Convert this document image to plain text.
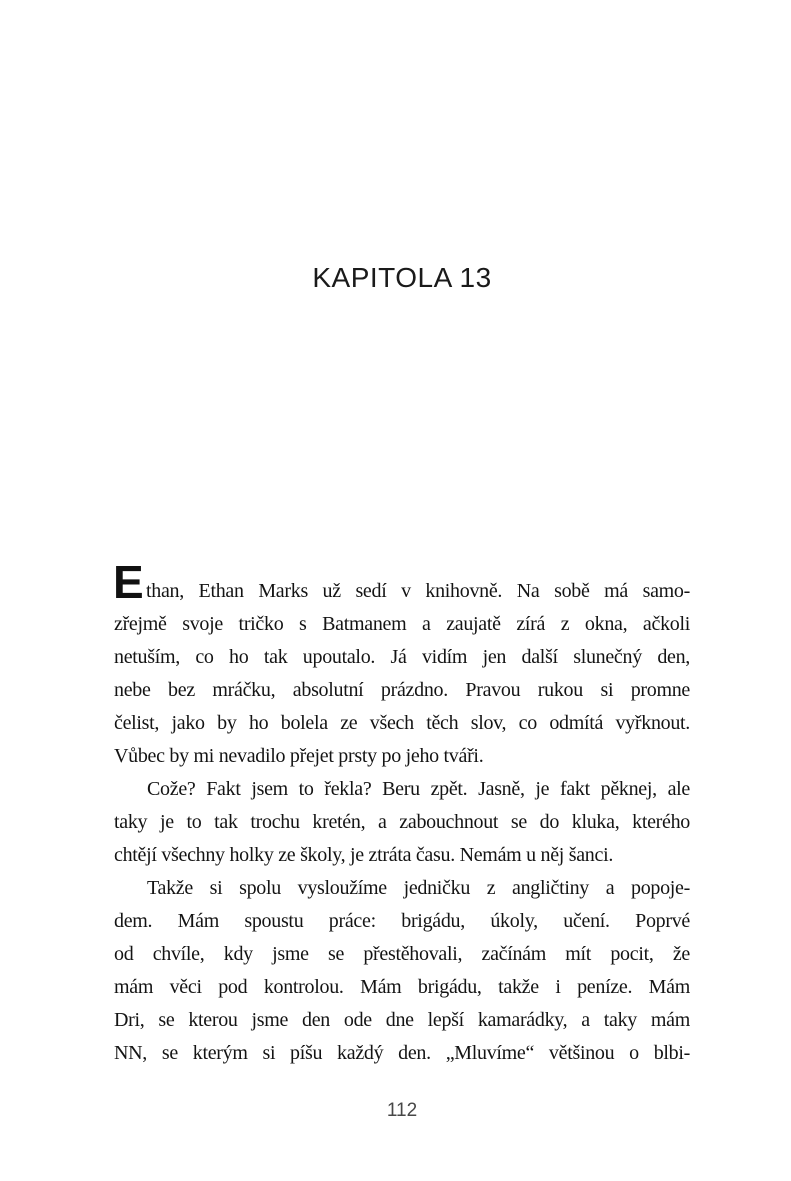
KAPITOLA 13
E than, Ethan Marks už sedí v knihovně. Na sobě má samo-
zřejmě svoje tričko s Batmanem a zaujatě zírá z okna, ačkoli
netuším, co ho tak upoutalo. Já vidím jen další slunečný den,
nebe bez mráčku, absolutní prázdno. Pravou rukou si promne
čelist, jako by ho bolela ze všech těch slov, co odmítá vyřknout.
Vůbec by mi nevadilo přejet prsty po jeho tváři.
Cože? Fakt jsem to řekla? Beru zpět. Jasně, je fakt pěknej, ale
taky je to tak trochu kretén, a zabouchnout se do kluka, kterého
chtějí všechny holky ze školy, je ztráta času. Nemám u něj šanci.
Takže si spolu vysloužíme jedničku z angličtiny a popoje-
dem. Mám spoustu práce: brigádu, úkoly, učení. Poprvé
od chvíle, kdy jsme se přestěhovali, začínám mít pocit, že
mám věci pod kontrolou. Mám brigádu, takže i peníze. Mám
Dri, se kterou jsme den ode dne lepší kamarádky, a taky mám
NN, se kterým si píšu každý den. „Mluvíme“ většinou o blbi-
112
